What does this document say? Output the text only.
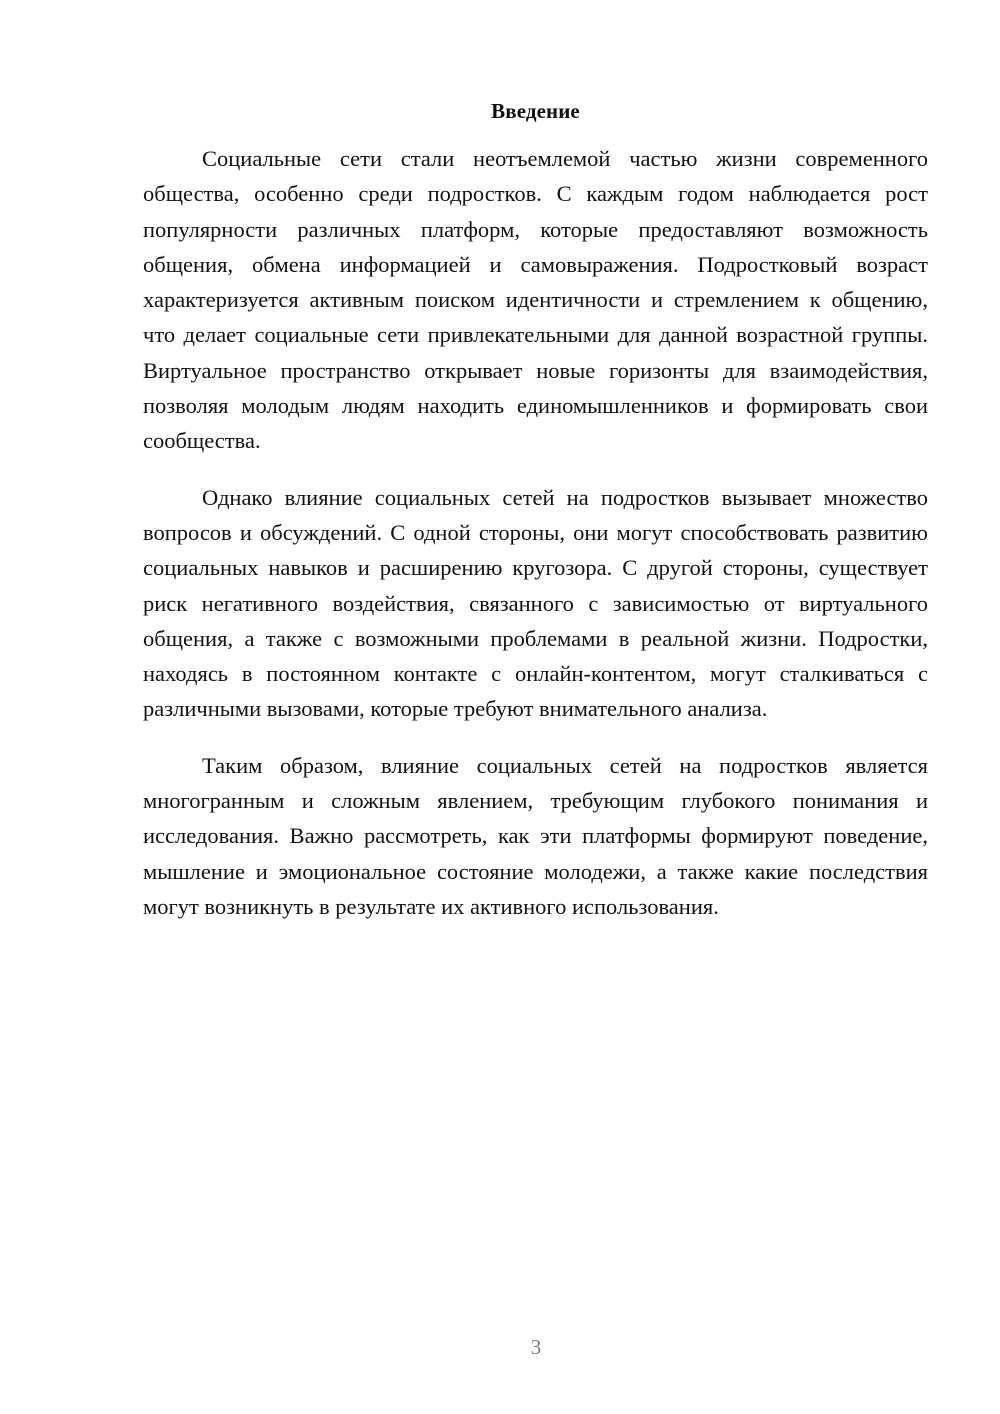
Введение

Социальные сети стали неотъемлемой частью жизни современного общества, особенно среди подростков. С каждым годом наблюдается рост популярности различных платформ, которые предоставляют возможность общения, обмена информацией и самовыражения. Подростковый возраст характеризуется активным поиском идентичности и стремлением к общению, что делает социальные сети привлекательными для данной возрастной группы. Виртуальное пространство открывает новые горизонты для взаимодействия, позволяя молодым людям находить единомышленников и формировать свои сообщества.

Однако влияние социальных сетей на подростков вызывает множество вопросов и обсуждений. С одной стороны, они могут способствовать развитию социальных навыков и расширению кругозора. С другой стороны, существует риск негативного воздействия, связанного с зависимостью от виртуального общения, а также с возможными проблемами в реальной жизни. Подростки, находясь в постоянном контакте с онлайн-контентом, могут сталкиваться с различными вызовами, которые требуют внимательного анализа.

Таким образом, влияние социальных сетей на подростков является многогранным и сложным явлением, требующим глубокого понимания и исследования. Важно рассмотреть, как эти платформы формируют поведение, мышление и эмоциональное состояние молодежи, а также какие последствия могут возникнуть в результате их активного использования.

3
